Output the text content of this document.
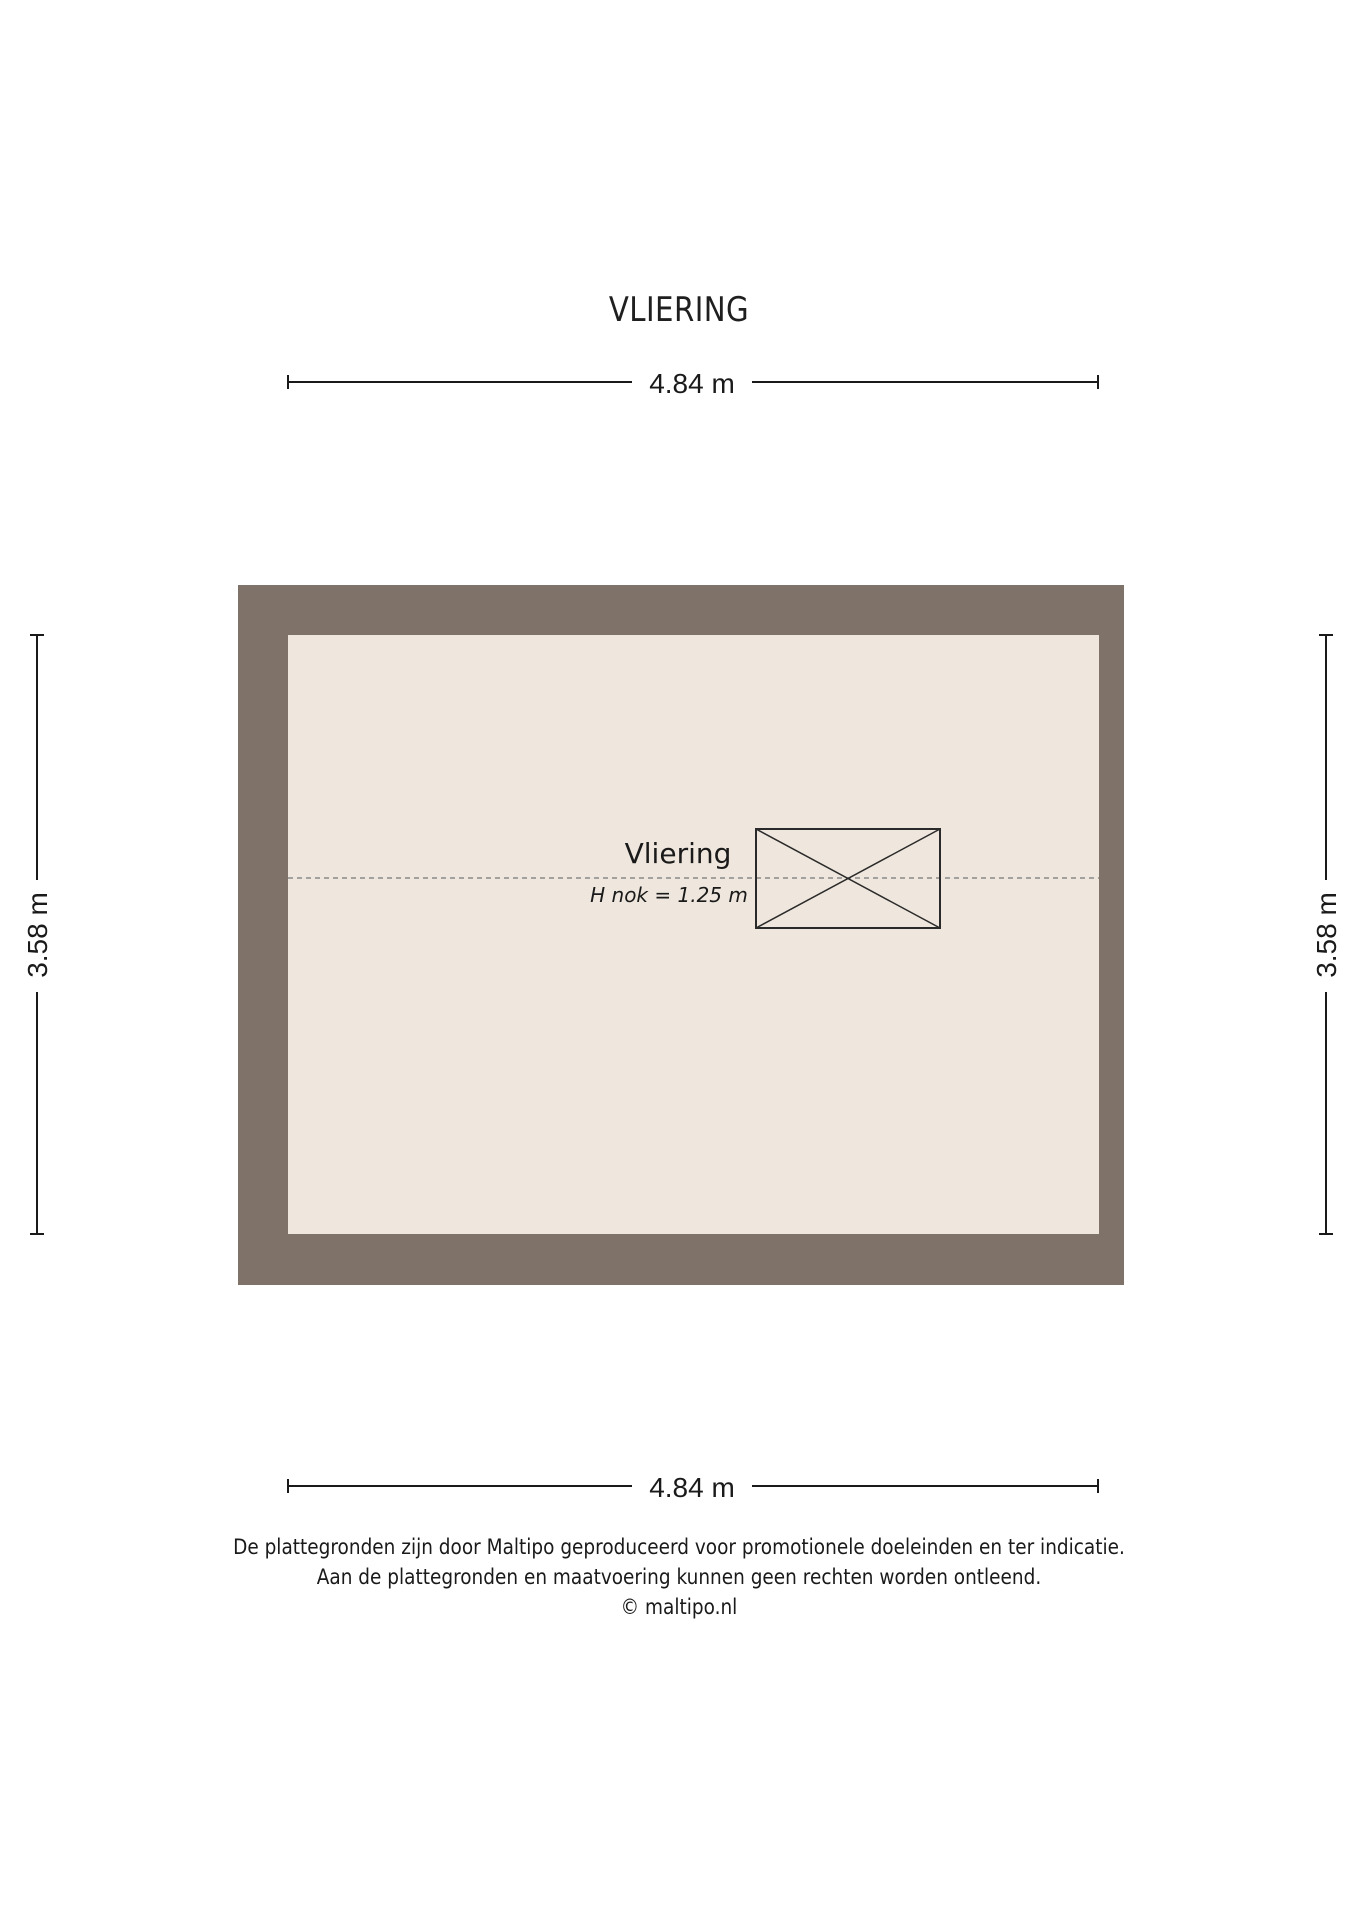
VLIERING
4.84 m
Vliering
H nok = 1.25 m
3.58 m	3.58 m
4.84 m
De plattegronden zijn door Maltipo geproduceerd voor promotionele doeleinden en ter indicatie.
Aan de plattegronden en maatvoering kunnen geen rechten worden ontleend.
© maltipo.nl
